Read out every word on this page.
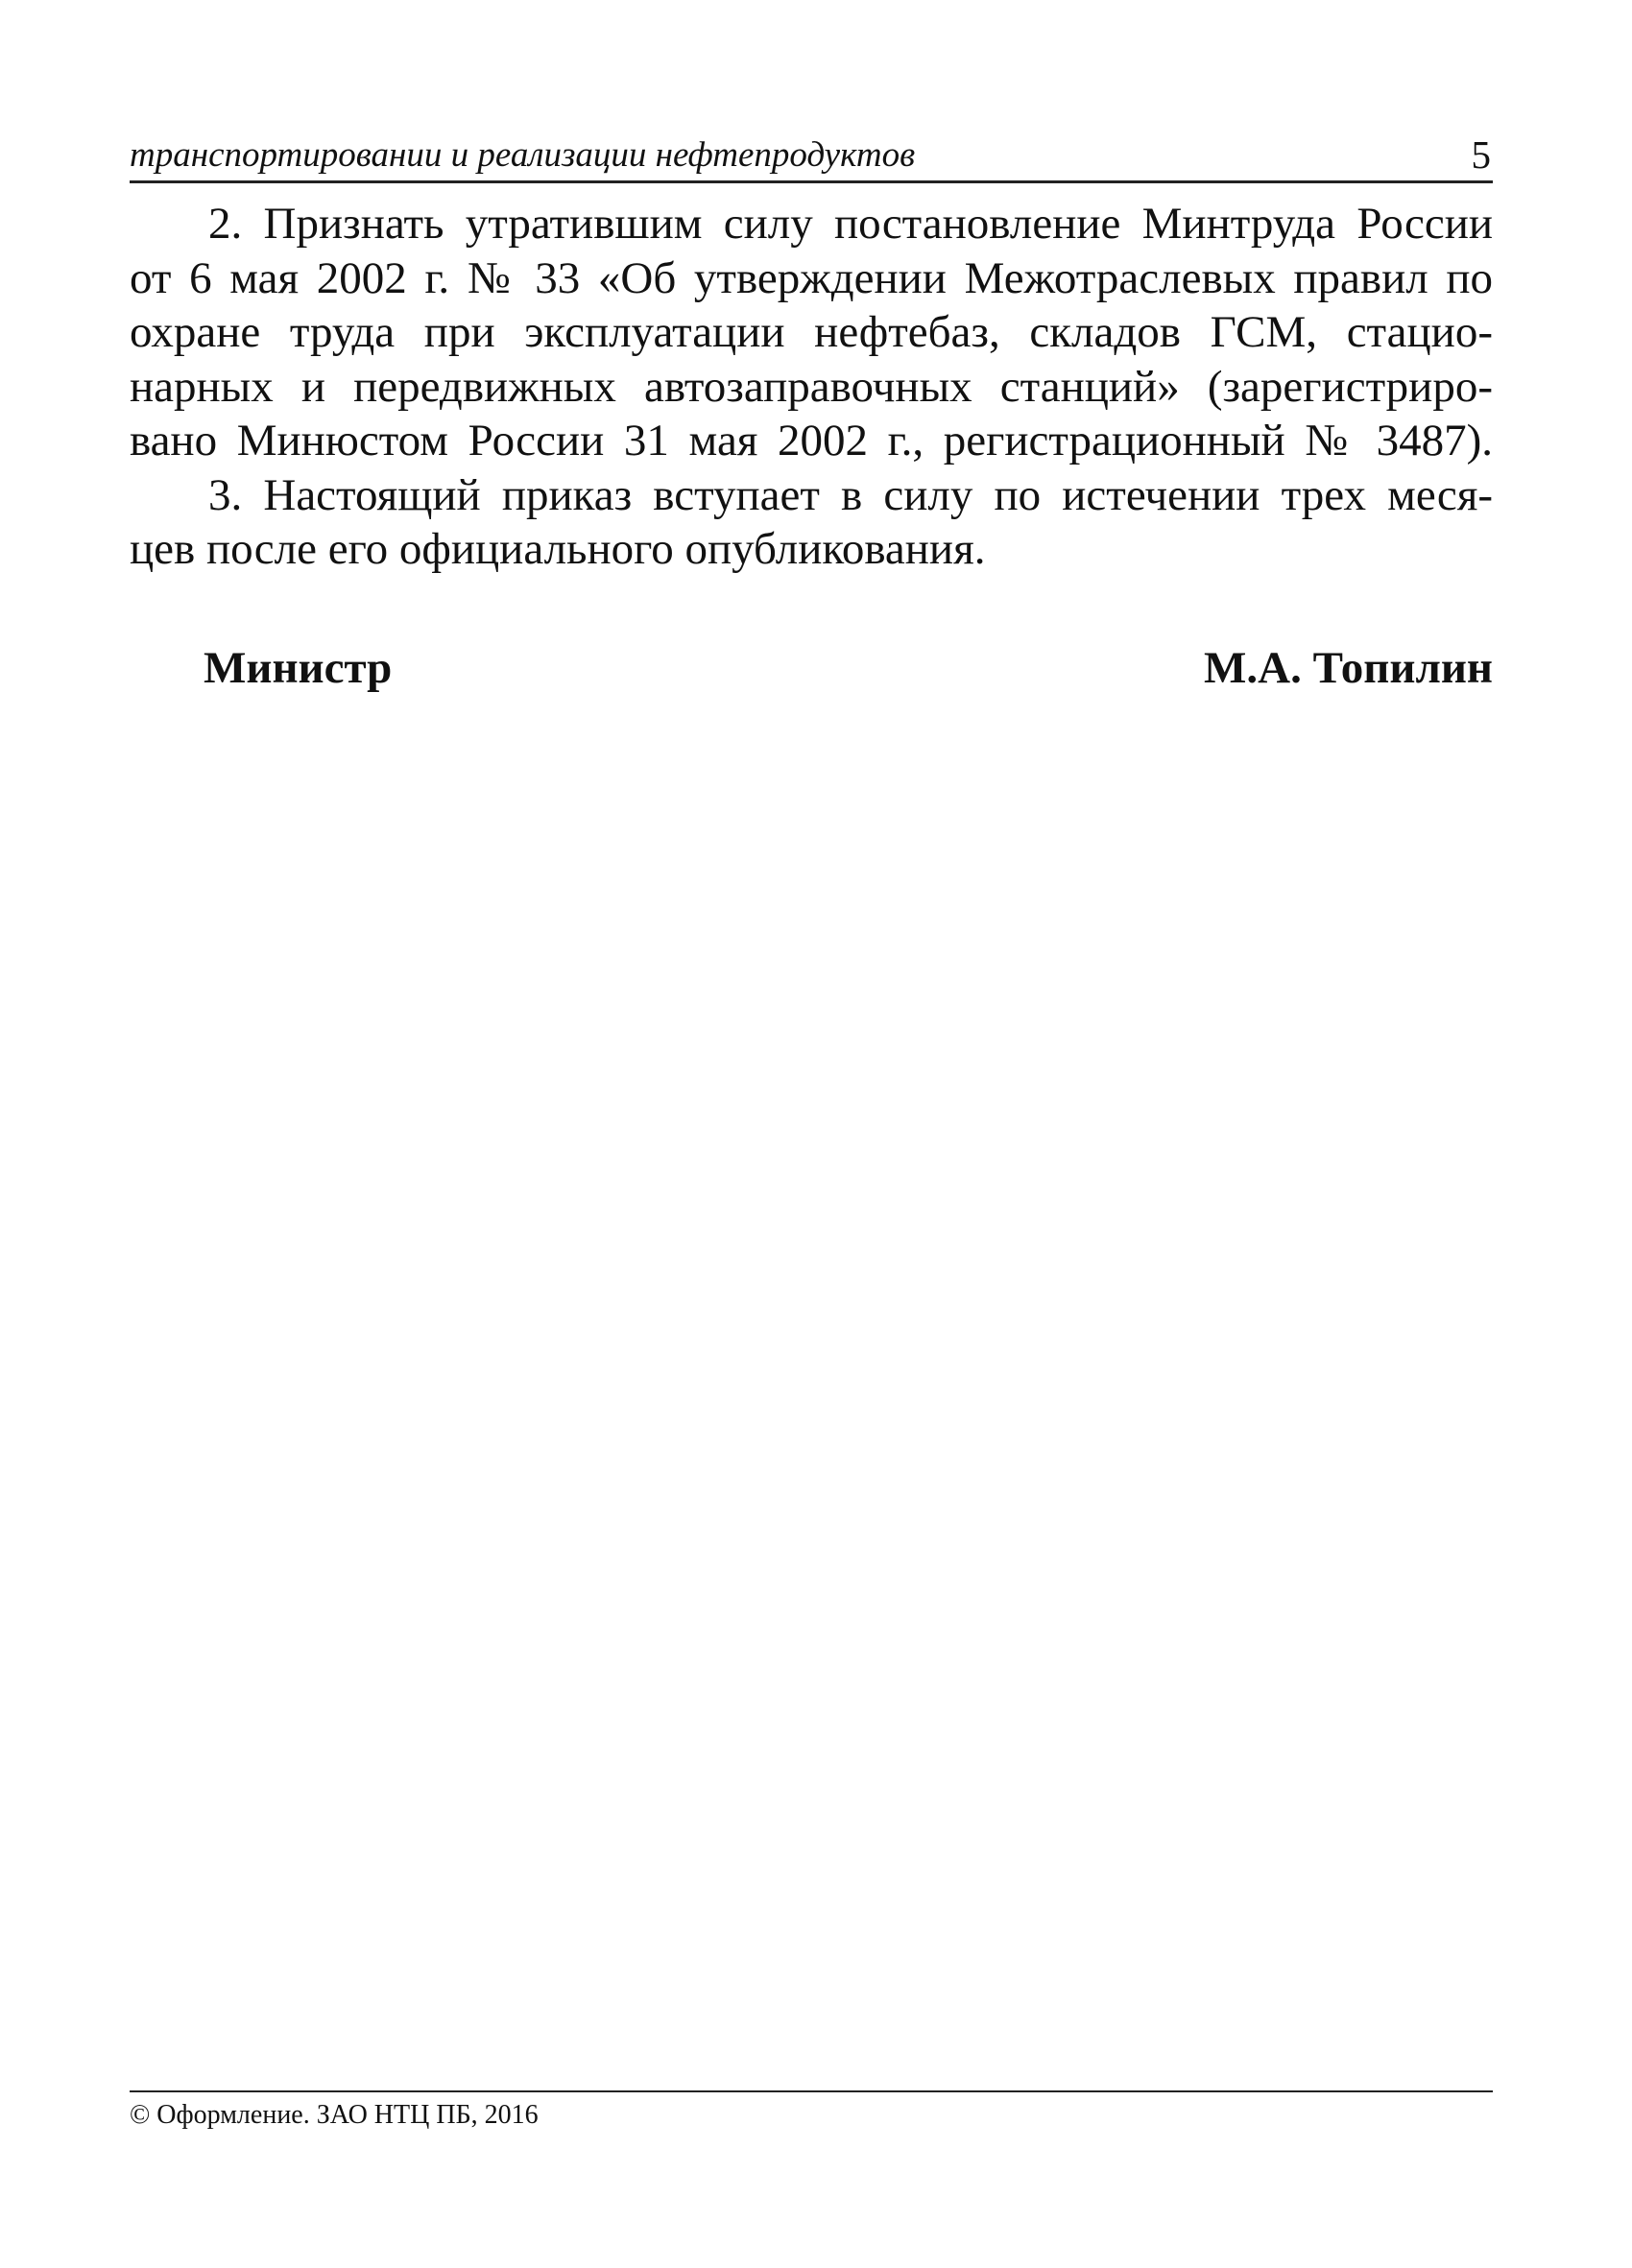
транспортировании и реализации нефтепродуктов	5
2. Признать утратившим силу постановление Минтруда России
от 6 мая 2002 г. № 33 «Об утверждении Межотраслевых правил по
охране труда при эксплуатации нефтебаз, складов ГСМ, стацио-
нарных и передвижных автозаправочных станций» (зарегистриро-
вано Минюстом России 31 мая 2002 г., регистрационный № 3487).
3. Настоящий приказ вступает в силу по истечении трех меся-
цев после его официального опубликования.
Министр	М.А. Топилин
© Оформление. ЗАО НТЦ ПБ, 2016
